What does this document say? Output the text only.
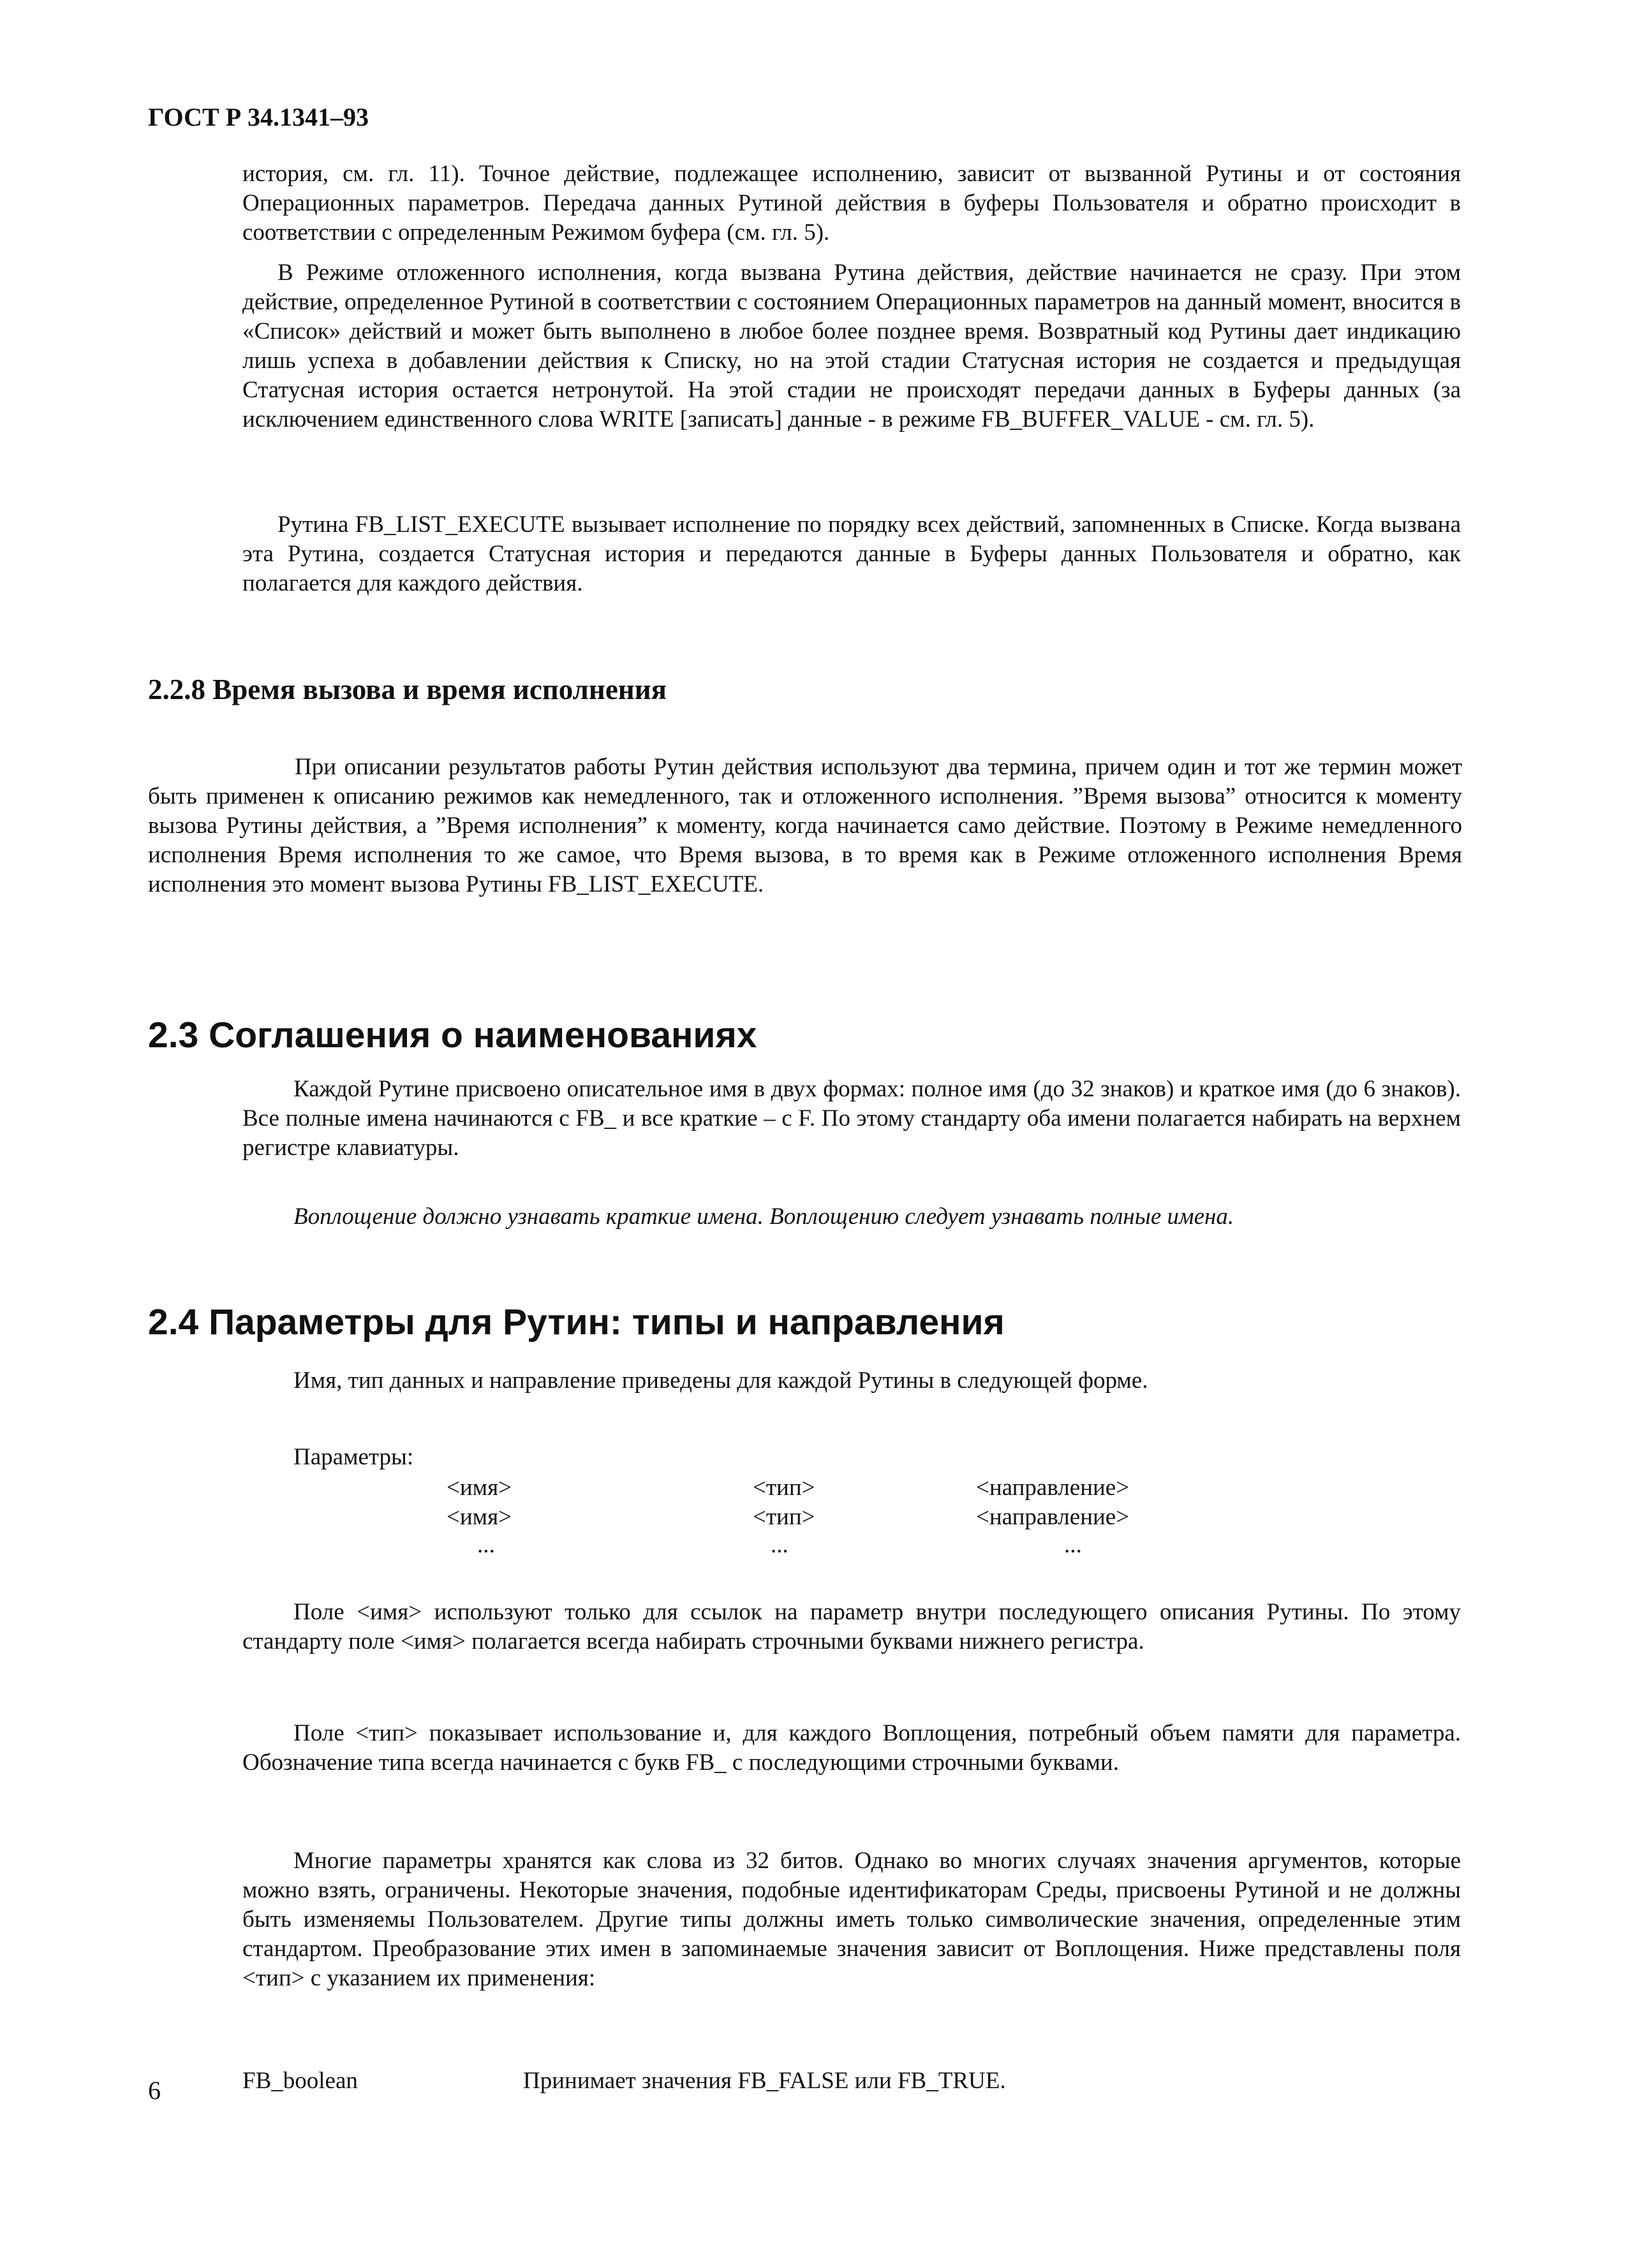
ГОСТ Р 34.1341–93

история, см. гл. 11). Точное действие, подлежащее исполнению, зависит от вызванной Рутины и от состояния Операционных параметров. Передача данных Рутиной действия в буферы Пользователя и обратно происходит в соответствии с определенным Режимом буфера (см. гл. 5).

В Режиме отложенного исполнения, когда вызвана Рутина действия, действие начинается не сразу. При этом действие, определенное Рутиной в соответствии с состоянием Операционных параметров на данный момент, вносится в «Список» действий и может быть выполнено в любое более позднее время. Возвратный код Рутины дает индикацию лишь успеха в добавлении действия к Списку, но на этой стадии Статусная история не создается и предыдущая Статусная история остается нетронутой. На этой стадии не происходят передачи данных в Буферы данных (за исключением единственного слова WRITE [записать] данные - в режиме FB_BUFFER_VALUE - см. гл. 5).

Рутина FB_LIST_EXECUTE вызывает исполнение по порядку всех действий, запомненных в Списке. Когда вызвана эта Рутина, создается Статусная история и передаются данные в Буферы данных Пользователя и обратно, как полагается для каждого действия.

2.2.8 Время вызова и время исполнения

При описании результатов работы Рутин действия используют два термина, причем один и тот же термин может быть применен к описанию режимов как немедленного, так и отложенного исполнения. ”Время вызова” относится к моменту вызова Рутины действия, а ”Время исполнения” к моменту, когда начинается само действие. Поэтому в Режиме немедленного исполнения Время исполнения то же самое, что Время вызова, в то время как в Режиме отложенного исполнения Время исполнения это момент вызова Рутины FB_LIST_EXECUTE.

2.3 Соглашения о наименованиях

Каждой Рутине присвоено описательное имя в двух формах: полное имя (до 32 знаков) и краткое имя (до 6 знаков). Все полные имена начинаются с FB_ и все краткие – с F. По этому стандарту оба имени полагается набирать на верхнем регистре клавиатуры.

Воплощение должно узнавать краткие имена. Воплощению следует узнавать полные имена.

2.4 Параметры для Рутин: типы и направления

Имя, тип данных и направление приведены для каждой Рутины в следующей форме.

Параметры:
<имя>	<тип>	<направление>
<имя>	<тип>	<направление>
...	...	...

Поле <имя> используют только для ссылок на параметр внутри последующего описания Рутины. По этому стандарту поле <имя> полагается всегда набирать строчными буквами нижнего регистра.

Поле <тип> показывает использование и, для каждого Воплощения, потребный объем памяти для параметра. Обозначение типа всегда начинается с букв FB_ с последующими строчными буквами.

Многие параметры хранятся как слова из 32 битов. Однако во многих случаях значения аргументов, которые можно взять, ограничены. Некоторые значения, подобные идентификаторам Среды, присвоены Рутиной и не должны быть изменяемы Пользователем. Другие типы должны иметь только символические значения, определенные этим стандартом. Преобразование этих имен в запоминаемые значения зависит от Воплощения. Ниже представлены поля <тип> с указанием их применения:

FB_boolean	Принимает значения FB_FALSE или FB_TRUE.
6
